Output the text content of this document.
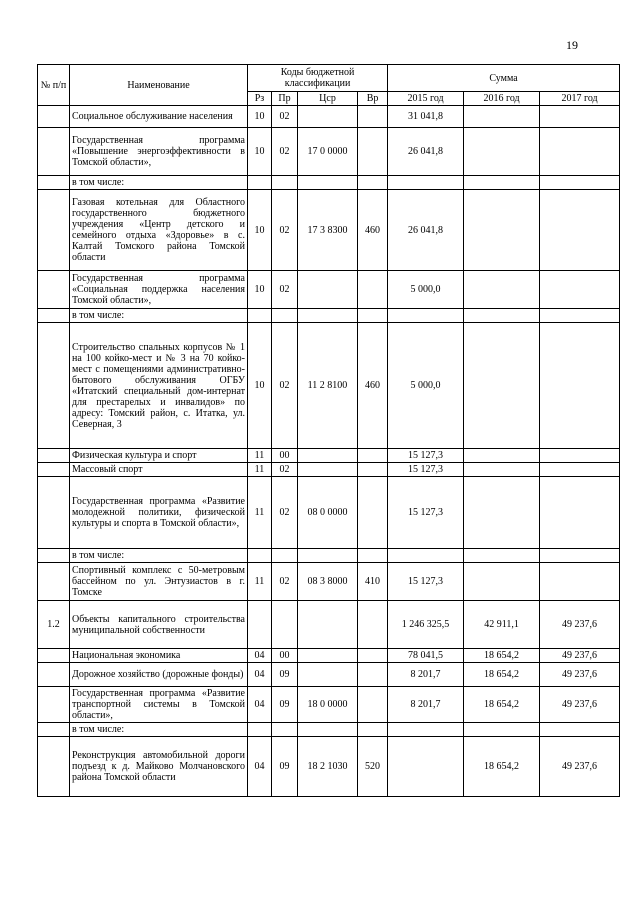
19
№ п/п	Наименование	Коды бюджетной классификации				Сумма		
		Рз	Пр	Цср	Вр	2015 год	2016 год	2017 год
	Социальное обслуживание населения	10	02			31 041,8		
	Государственная программа «Повышение энергоэффективности в Томской области»,	10	02	17 0 0000		26 041,8		
	в том числе:							
	Газовая котельная для Областного государственного бюджетного учреждения «Центр детского и семейного отдыха «Здоровье» в с. Калтай Томского района Томской области	10	02	17 3 8300	460	26 041,8		
	Государственная программа «Социальная поддержка населения Томской области»,	10	02			5 000,0		
	в том числе:							
	Строительство спальных корпусов № 1 на 100 койко-мест и № 3 на 70 койко-мест с помещениями административно-бытового обслуживания ОГБУ «Итатский специальный дом-интернат для престарелых и инвалидов» по адресу: Томский район, с. Итатка, ул. Северная, 3	10	02	11 2 8100	460	5 000,0		
	Физическая культура и спорт	11	00			15 127,3		
	Массовый спорт	11	02			15 127,3		
	Государственная программа «Развитие молодежной политики, физической культуры и спорта в Томской области»,	11	02	08 0 0000		15 127,3		
	в том числе:							
	Спортивный комплекс с 50-метровым бассейном по ул. Энтузиастов в г. Томске	11	02	08 3 8000	410	15 127,3		
1.2	Объекты капитального строительства муниципальной собственности					1 246 325,5	42 911,1	49 237,6
	Национальная экономика	04	00			78 041,5	18 654,2	49 237,6
	Дорожное хозяйство (дорожные фонды)	04	09			8 201,7	18 654,2	49 237,6
	Государственная программа «Развитие транспортной системы в Томской области»,	04	09	18 0 0000		8 201,7	18 654,2	49 237,6
	в том числе:							
	Реконструкция автомобильной дороги подъезд к д. Майково Молчановского района Томской области	04	09	18 2 1030	520		18 654,2	49 237,6
